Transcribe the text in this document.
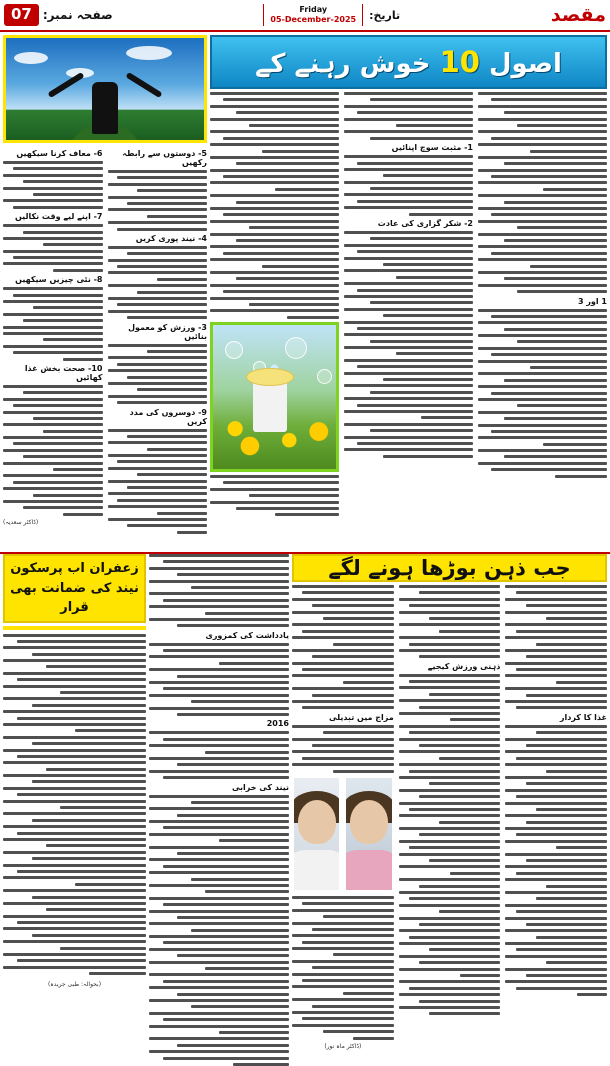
07 صفحہ نمبر:	Friday
05-December-2025 تاریخ:	مقصد
6- معاف کرنا سیکھیں
7- اپنے لیے وقت نکالیں
8- نئی چیزیں سیکھیں
10- صحت بخش غذا کھائیں
(ڈاکٹر سعدیہ)
5- دوستوں سے رابطہ رکھیں
4- نیند پوری کریں
3- ورزش کو معمول بنائیں
9- دوسروں کی مدد کریں
اصول 10 خوش رہنے کے
1- مثبت سوچ اپنائیں
2- شکر گزاری کی عادت
1 اور 3
زعفران اب پرسکون
نیند کی ضمانت بھی قرار
(بحوالہ: طبی جریدہ)
یادداشت کی کمزوری
2016
نیند کی خرابی
جب ذہن بوڑھا ہونے لگے
مزاج میں تبدیلی
(ڈاکٹر ماہ نور)
ذہنی ورزش کیجیے
غذا کا کردار
